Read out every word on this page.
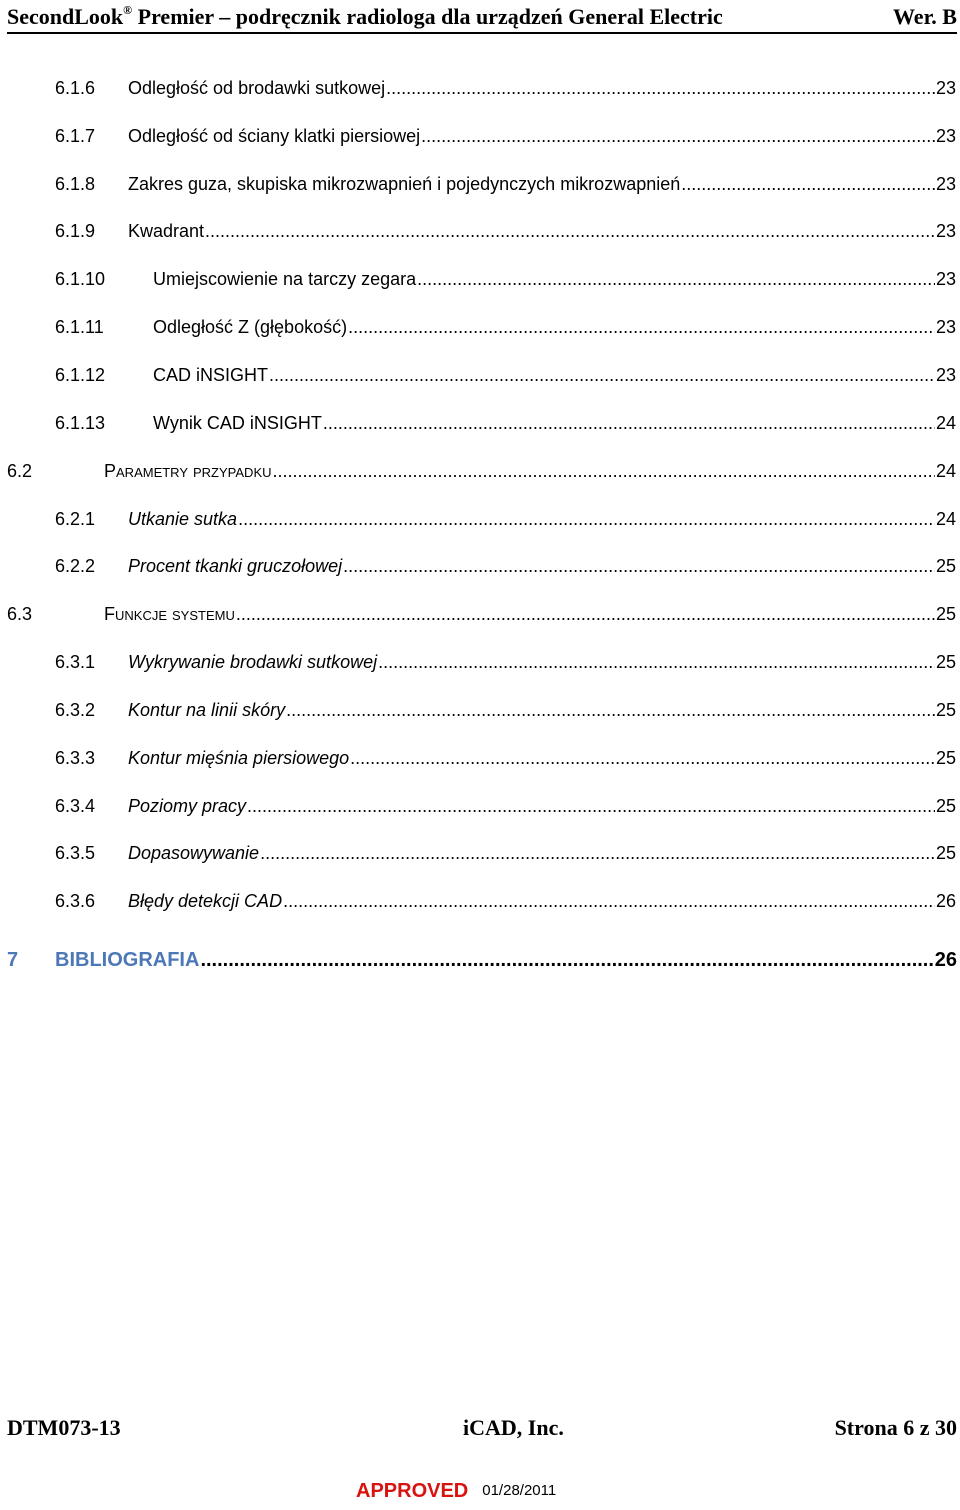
SecondLook® Premier – podręcznik radiologa dla urządzeń General Electric	Wer. B
6.1.6	Odległość od brodawki sutkowej .....	23
6.1.7	Odległość od ściany klatki piersiowej .....	23
6.1.8	Zakres guza, skupiska mikrozwapnień i pojedynczych mikrozwapnień .....	23
6.1.9	Kwadrant .....	23
6.1.10	Umiejscowienie na tarczy zegara .....	23
6.1.11	Odległość Z (głębokość) .....	23
6.1.12	CAD iNSIGHT .....	23
6.1.13	Wynik CAD iNSIGHT .....	24
6.2	Parametry przypadku .....	24
6.2.1	Utkanie sutka .....	24
6.2.2	Procent tkanki gruczołowej .....	25
6.3	Funkcje systemu .....	25
6.3.1	Wykrywanie brodawki sutkowej .....	25
6.3.2	Kontur na linii skóry .....	25
6.3.3	Kontur mięśnia piersiowego .....	25
6.3.4	Poziomy pracy .....	25
6.3.5	Dopasowywanie .....	25
6.3.6	Błędy detekcji CAD .....	26
7	BIBLIOGRAFIA .....	26
DTM073-13	iCAD, Inc.	Strona 6 z 30
APPROVED 01/28/2011
